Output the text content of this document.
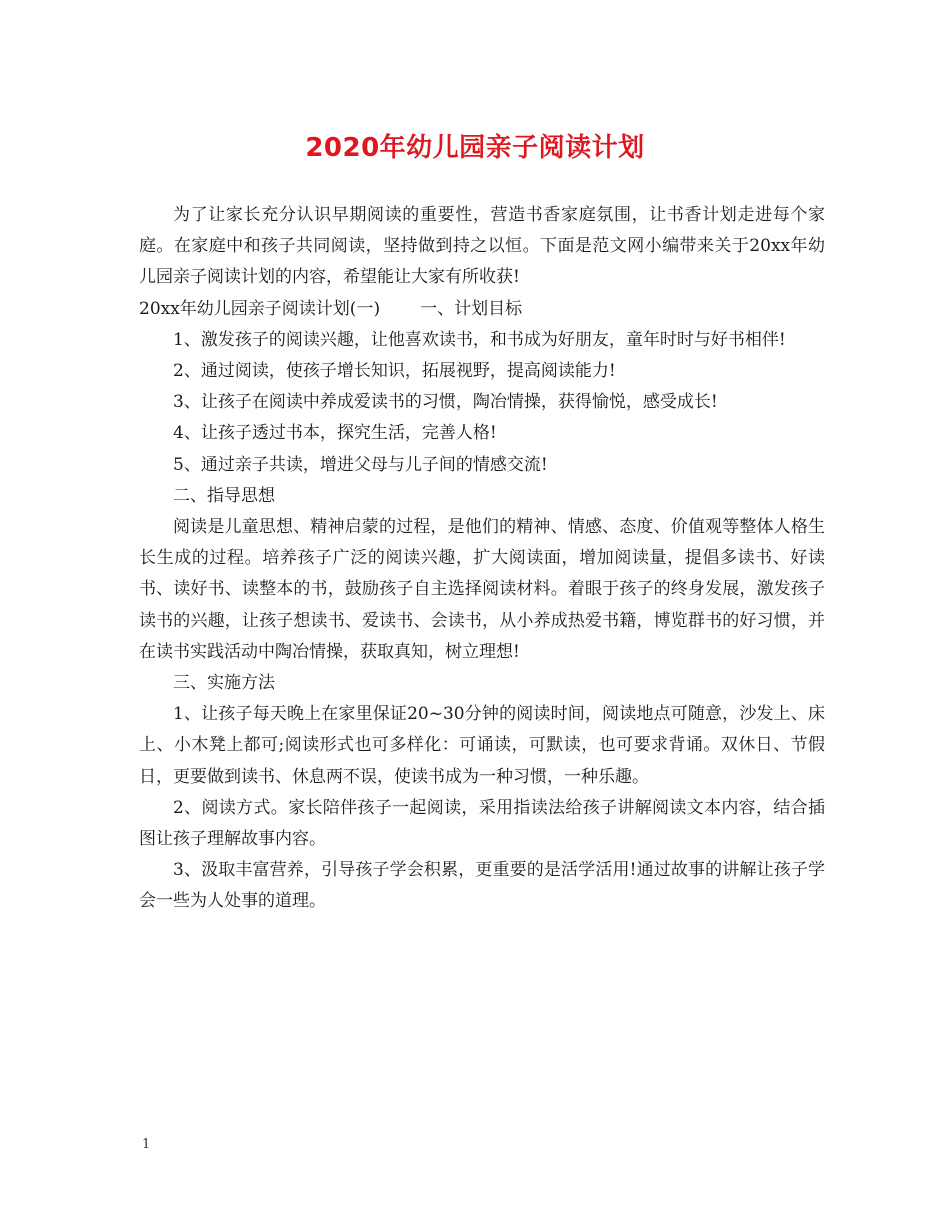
2020年幼儿园亲子阅读计划

为了让家长充分认识早期阅读的重要性，营造书香家庭氛围，让书香计划走进每个家庭。在家庭中和孩子共同阅读，坚持做到持之以恒。下面是范文网小编带来关于20xx年幼儿园亲子阅读计划的内容，希望能让大家有所收获!

20xx年幼儿园亲子阅读计划(一) 一、计划目标

1、激发孩子的阅读兴趣，让他喜欢读书，和书成为好朋友，童年时时与好书相伴!

2、通过阅读，使孩子增长知识，拓展视野，提高阅读能力!

3、让孩子在阅读中养成爱读书的习惯，陶冶情操，获得愉悦，感受成长!

4、让孩子透过书本，探究生活，完善人格!

5、通过亲子共读，增进父母与儿子间的情感交流!

二、指导思想

阅读是儿童思想、精神启蒙的过程，是他们的精神、情感、态度、价值观等整体人格生长生成的过程。培养孩子广泛的阅读兴趣，扩大阅读面，增加阅读量，提倡多读书、好读书、读好书、读整本的书，鼓励孩子自主选择阅读材料。着眼于孩子的终身发展，激发孩子读书的兴趣，让孩子想读书、爱读书、会读书，从小养成热爱书籍，博览群书的好习惯，并在读书实践活动中陶冶情操，获取真知，树立理想!

三、实施方法

1、让孩子每天晚上在家里保证20~30分钟的阅读时间，阅读地点可随意，沙发上、床上、小木凳上都可;阅读形式也可多样化：可诵读，可默读，也可要求背诵。双休日、节假日，更要做到读书、休息两不误，使读书成为一种习惯，一种乐趣。

2、阅读方式。家长陪伴孩子一起阅读，采用指读法给孩子讲解阅读文本内容，结合插图让孩子理解故事内容。

3、汲取丰富营养，引导孩子学会积累，更重要的是活学活用!通过故事的讲解让孩子学会一些为人处事的道理。

1
